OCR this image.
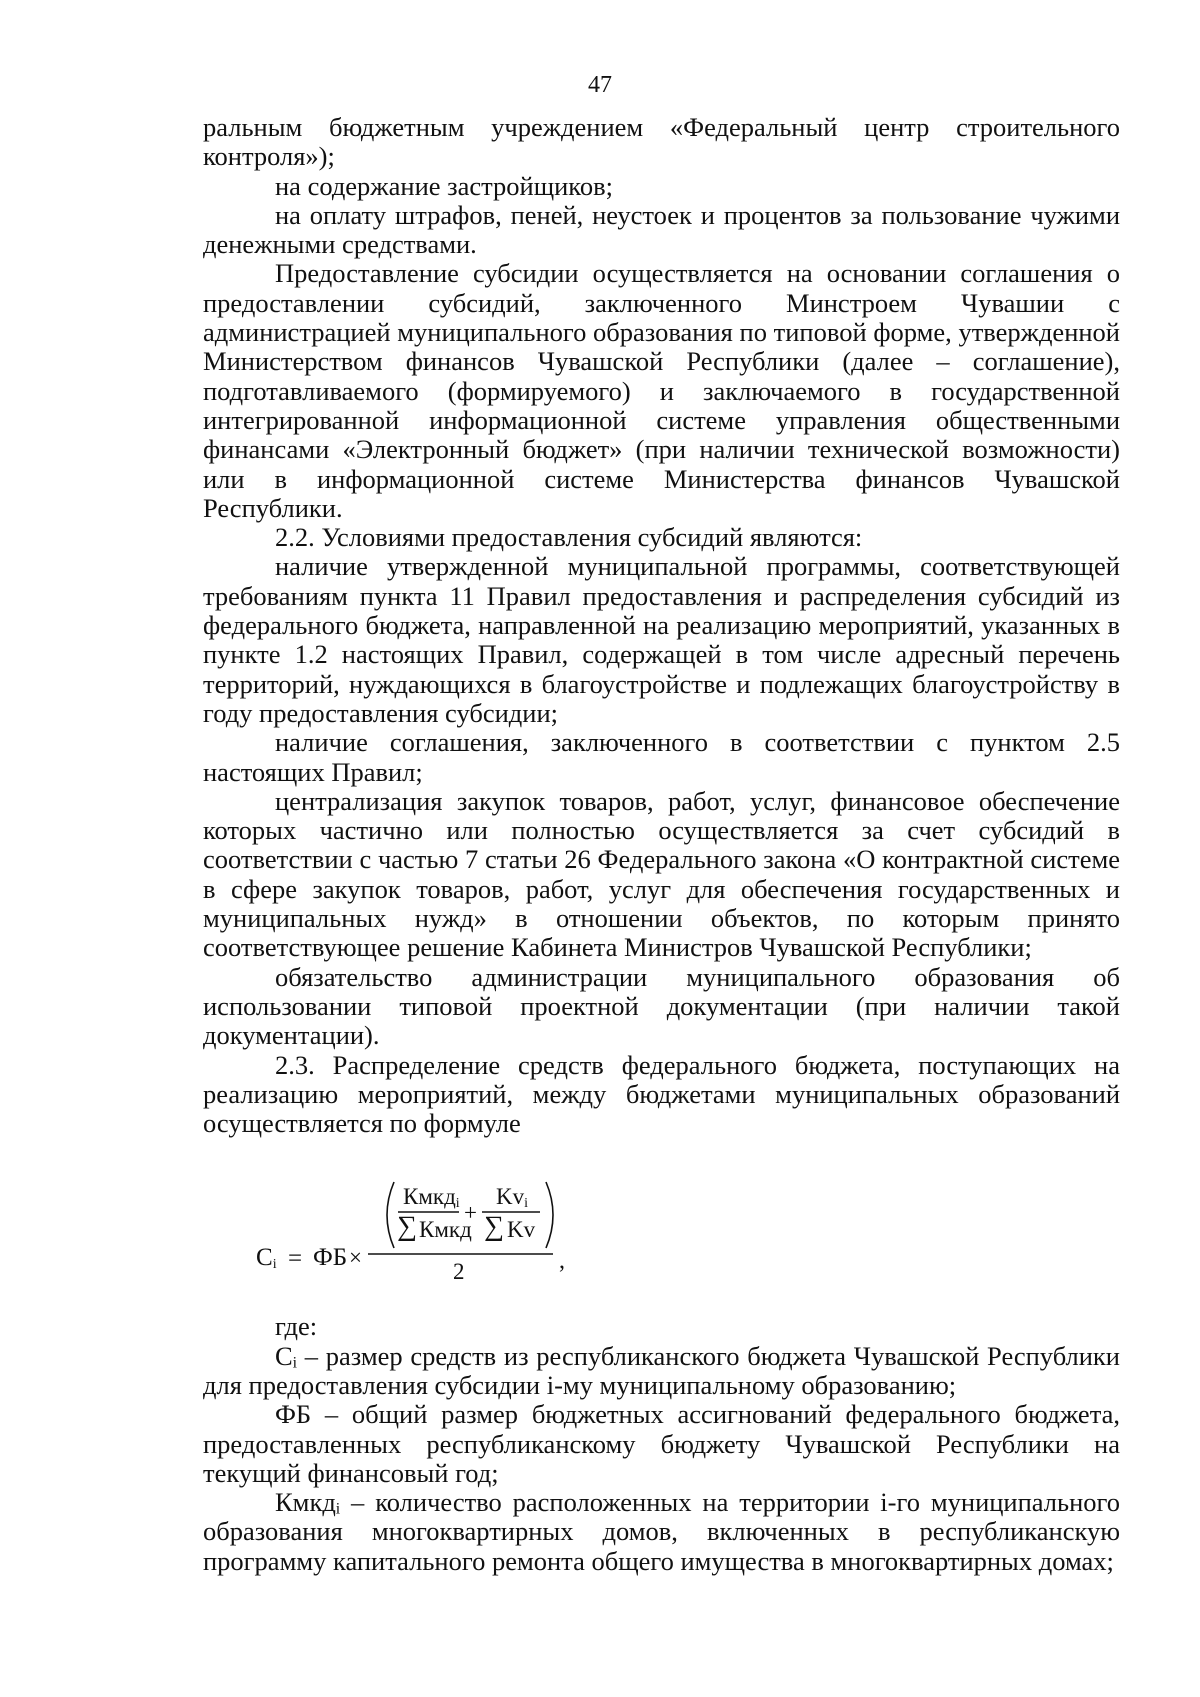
47

ральным бюджетным учреждением «Федеральный центр строительного контроля»);

на содержание застройщиков;

на оплату штрафов, пеней, неустоек и процентов за пользование чужими денежными средствами.

Предоставление субсидии осуществляется на основании соглашения о предоставлении субсидий, заключенного Минстроем Чувашии с администрацией муниципального образования по типовой форме, утвержденной Министерством финансов Чувашской Республики (далее – соглашение), подготавливаемого (формируемого) и заключаемого в государственной интегрированной информационной системе управления общественными финансами «Электронный бюджет» (при наличии технической возможности) или в информационной системе Министерства финансов Чувашской Республики.

2.2. Условиями предоставления субсидий являются:

наличие утвержденной муниципальной программы, соответствующей требованиям пункта 11 Правил предоставления и распределения субсидий из федерального бюджета, направленной на реализацию мероприятий, указанных в пункте 1.2 настоящих Правил, содержащей в том числе адресный перечень территорий, нуждающихся в благоустройстве и подлежащих благоустройству в году предоставления субсидии;

наличие соглашения, заключенного в соответствии с пунктом 2.5 настоящих Правил;

централизация закупок товаров, работ, услуг, финансовое обеспечение которых частично или полностью осуществляется за счет субсидий в соответствии с частью 7 статьи 26 Федерального закона «О контрактной системе в сфере закупок товаров, работ, услуг для обеспечения государственных и муниципальных нужд» в отношении объектов, по которым принято соответствующее решение Кабинета Министров Чувашской Республики;

обязательство администрации муниципального образования об использовании типовой проектной документации (при наличии такой документации).

2.3. Распределение средств федерального бюджета, поступающих на реализацию мероприятий, между бюджетами муниципальных образований осуществляется по формуле

$C_i$ = ФБ ×
Кмкд$_i$
∑ Кмкд
+
$Kv_i$
∑ Kv
2	,

где:

Сᵢ – размер средств из республиканского бюджета Чувашской Республики для предоставления субсидии i-му муниципальному образованию;

ФБ – общий размер бюджетных ассигнований федерального бюджета, предоставленных республиканскому бюджету Чувашской Республики на текущий финансовый год;

Кмкдᵢ – количество расположенных на территории i-го муниципального образования многоквартирных домов, включенных в республиканскую программу капитального ремонта общего имущества в многоквартирных домах;
